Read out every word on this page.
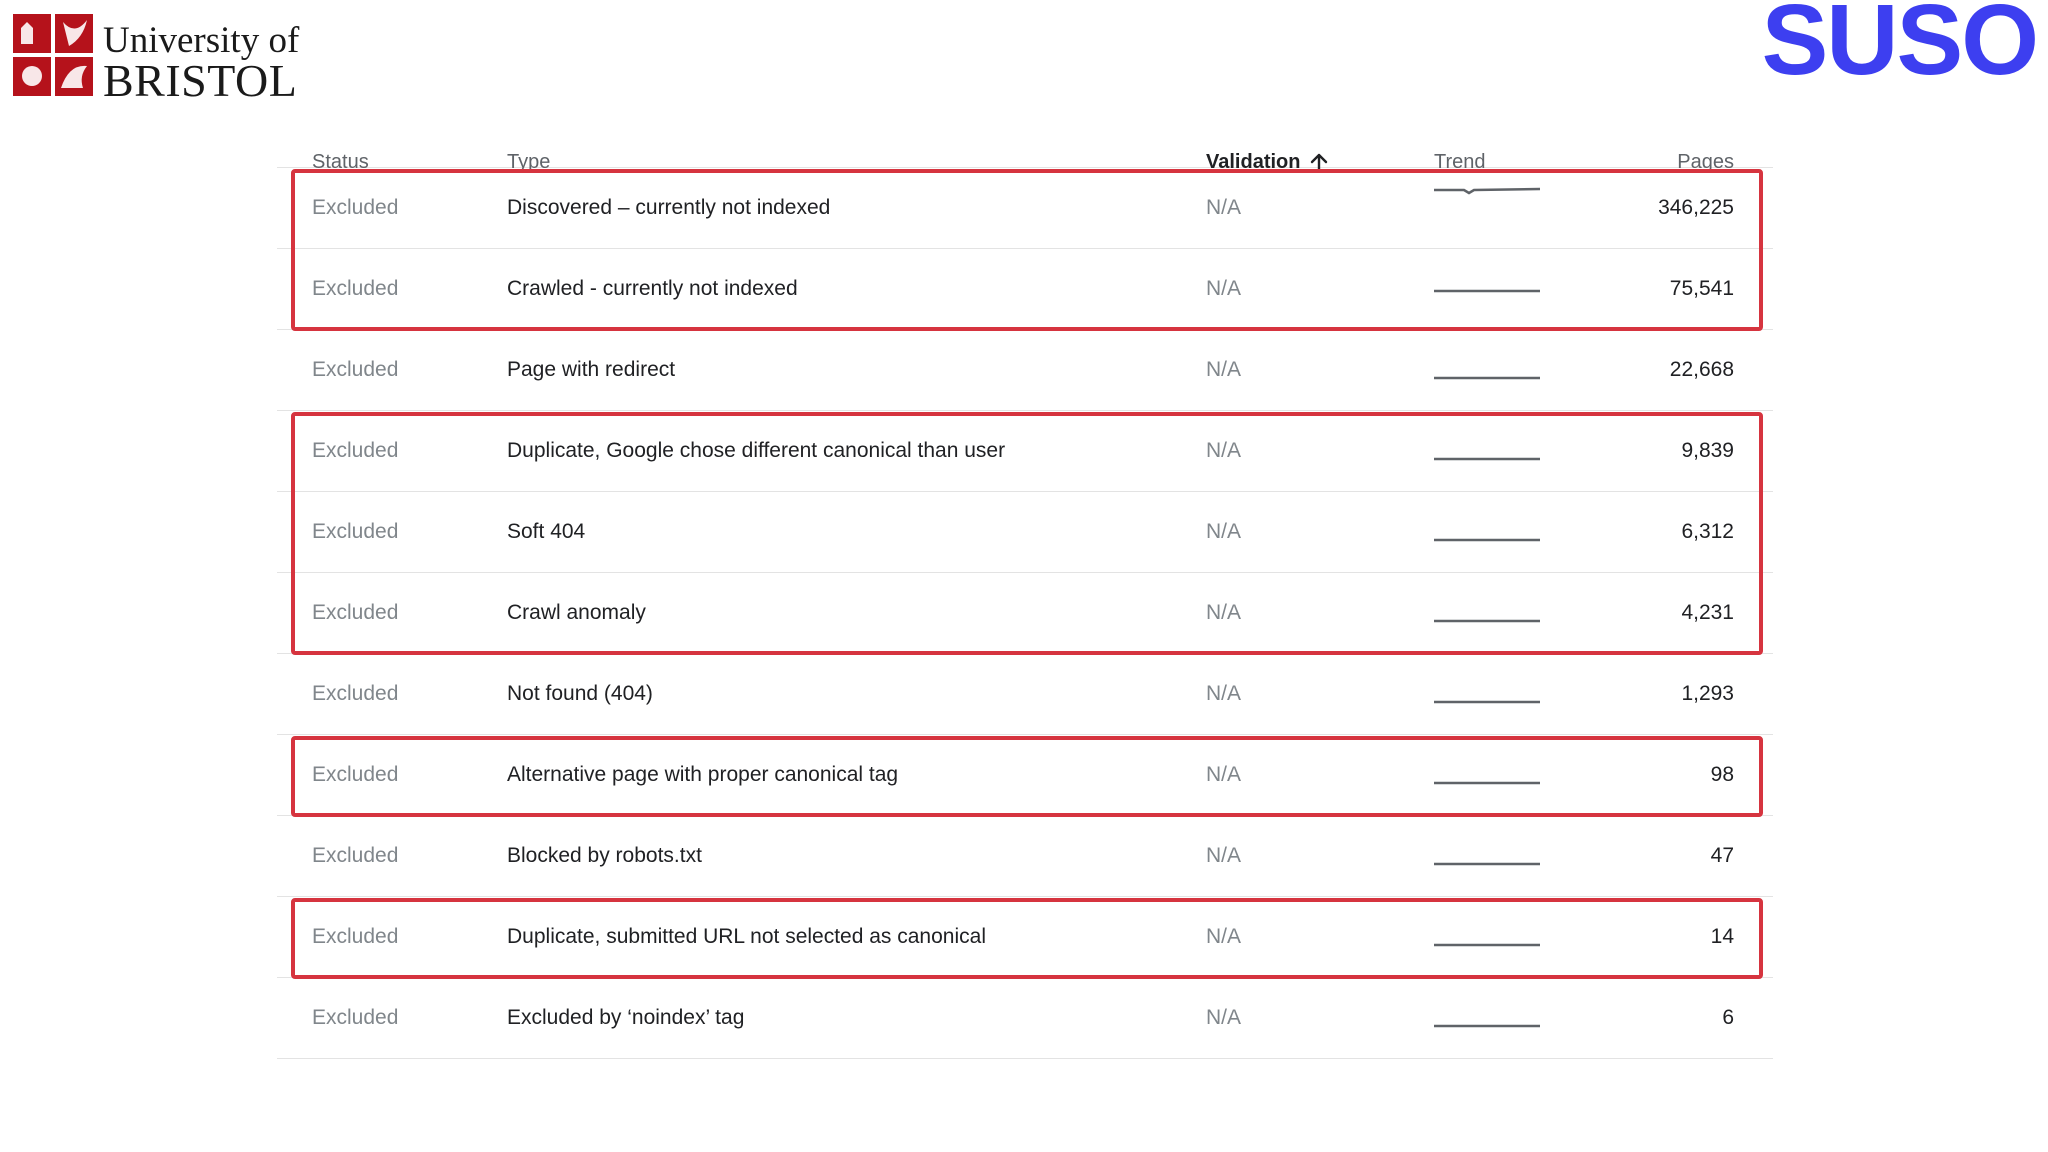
University of
BRISTOL	SUSO
Status	Type	Validation	Trend	Pages
Excluded	Discovered – currently not indexed	N/A	346,225
Excluded	Crawled - currently not indexed	N/A	75,541
Excluded	Page with redirect	N/A	22,668
Excluded	Duplicate, Google chose different canonical than user	N/A	9,839
Excluded	Soft 404	N/A	6,312
Excluded	Crawl anomaly	N/A	4,231
Excluded	Not found (404)	N/A	1,293
Excluded	Alternative page with proper canonical tag	N/A	98
Excluded	Blocked by robots.txt	N/A	47
Excluded	Duplicate, submitted URL not selected as canonical	N/A	14
Excluded	Excluded by ‘noindex’ tag	N/A	6
